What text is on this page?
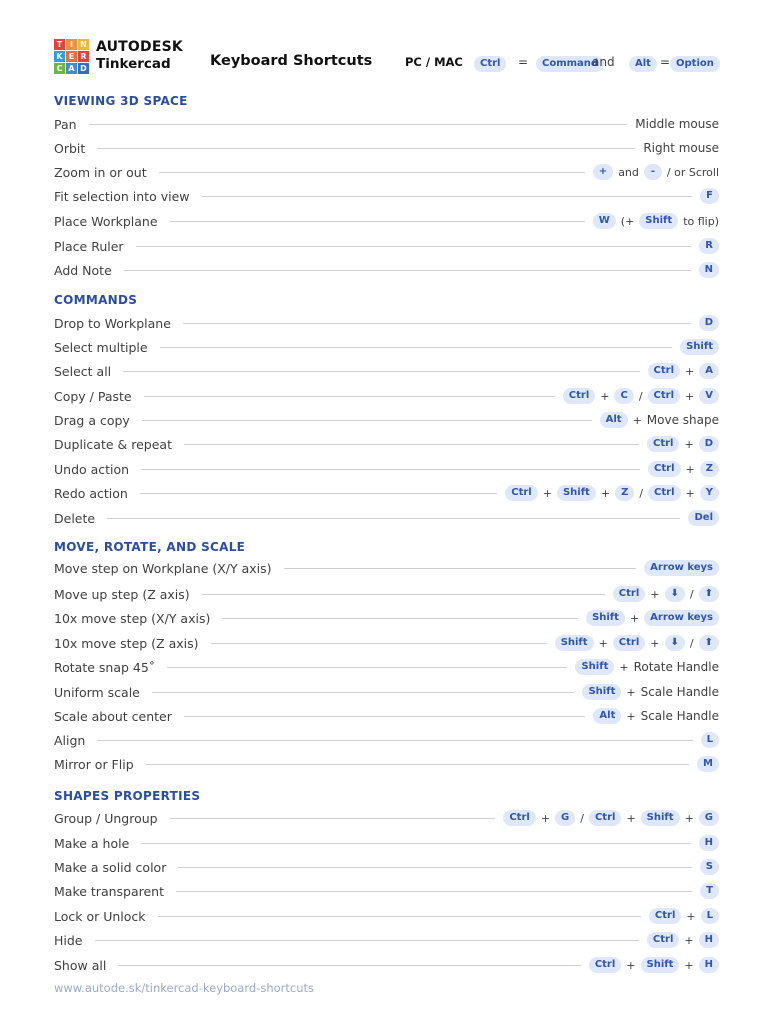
T I N
K E R
C A D
AUTODESK
Tinkercad	Keyboard Shortcuts	PC / MAC	Ctrl	=	Command
and	Alt = Option
VIEWING 3D SPACE
Pan	Middle mouse
Orbit	Right mouse
Zoom in or out	+	and	-	/ or Scroll
Fit selection into view	F
Place Workplane	W	(+	Shift	to flip)
Place Ruler	R
Add Note	N
COMMANDS
Drop to Workplane	D
Select multiple	Shift
Select all	Ctrl	+	A
Copy / Paste	Ctrl	+	C	/	Ctrl	+	V
Drag a copy	Alt	+ Move shape
Duplicate & repeat	Ctrl	+	D
Undo action	Ctrl	+	Z
Redo action	Ctrl	+	Shift	+	Z	/	Ctrl	+	Y
Delete	Del
MOVE, ROTATE, AND SCALE
Move step on Workplane (X/Y axis)	Arrow keys
Move up step (Z axis)	Ctrl	+	⬇	/	⬆
10x move step (X/Y axis)	Shift	+	Arrow keys
10x move step (Z axis)	Shift	+	Ctrl	+	⬇	/	⬆
Rotate snap 45˚	Shift	+ Rotate Handle
Uniform scale	Shift	+ Scale Handle
Scale about center	Alt	+ Scale Handle
Align	L
Mirror or Flip	M
SHAPES PROPERTIES
Group / Ungroup	Ctrl	+	G	/	Ctrl	+	Shift	+	G
Make a hole	H
Make a solid color	S
Make transparent	T
Lock or Unlock	Ctrl	+	L
Hide	Ctrl	+	H
Show all	Ctrl	+	Shift	+	H
www.autode.sk/tinkercad-keyboard-shortcuts
